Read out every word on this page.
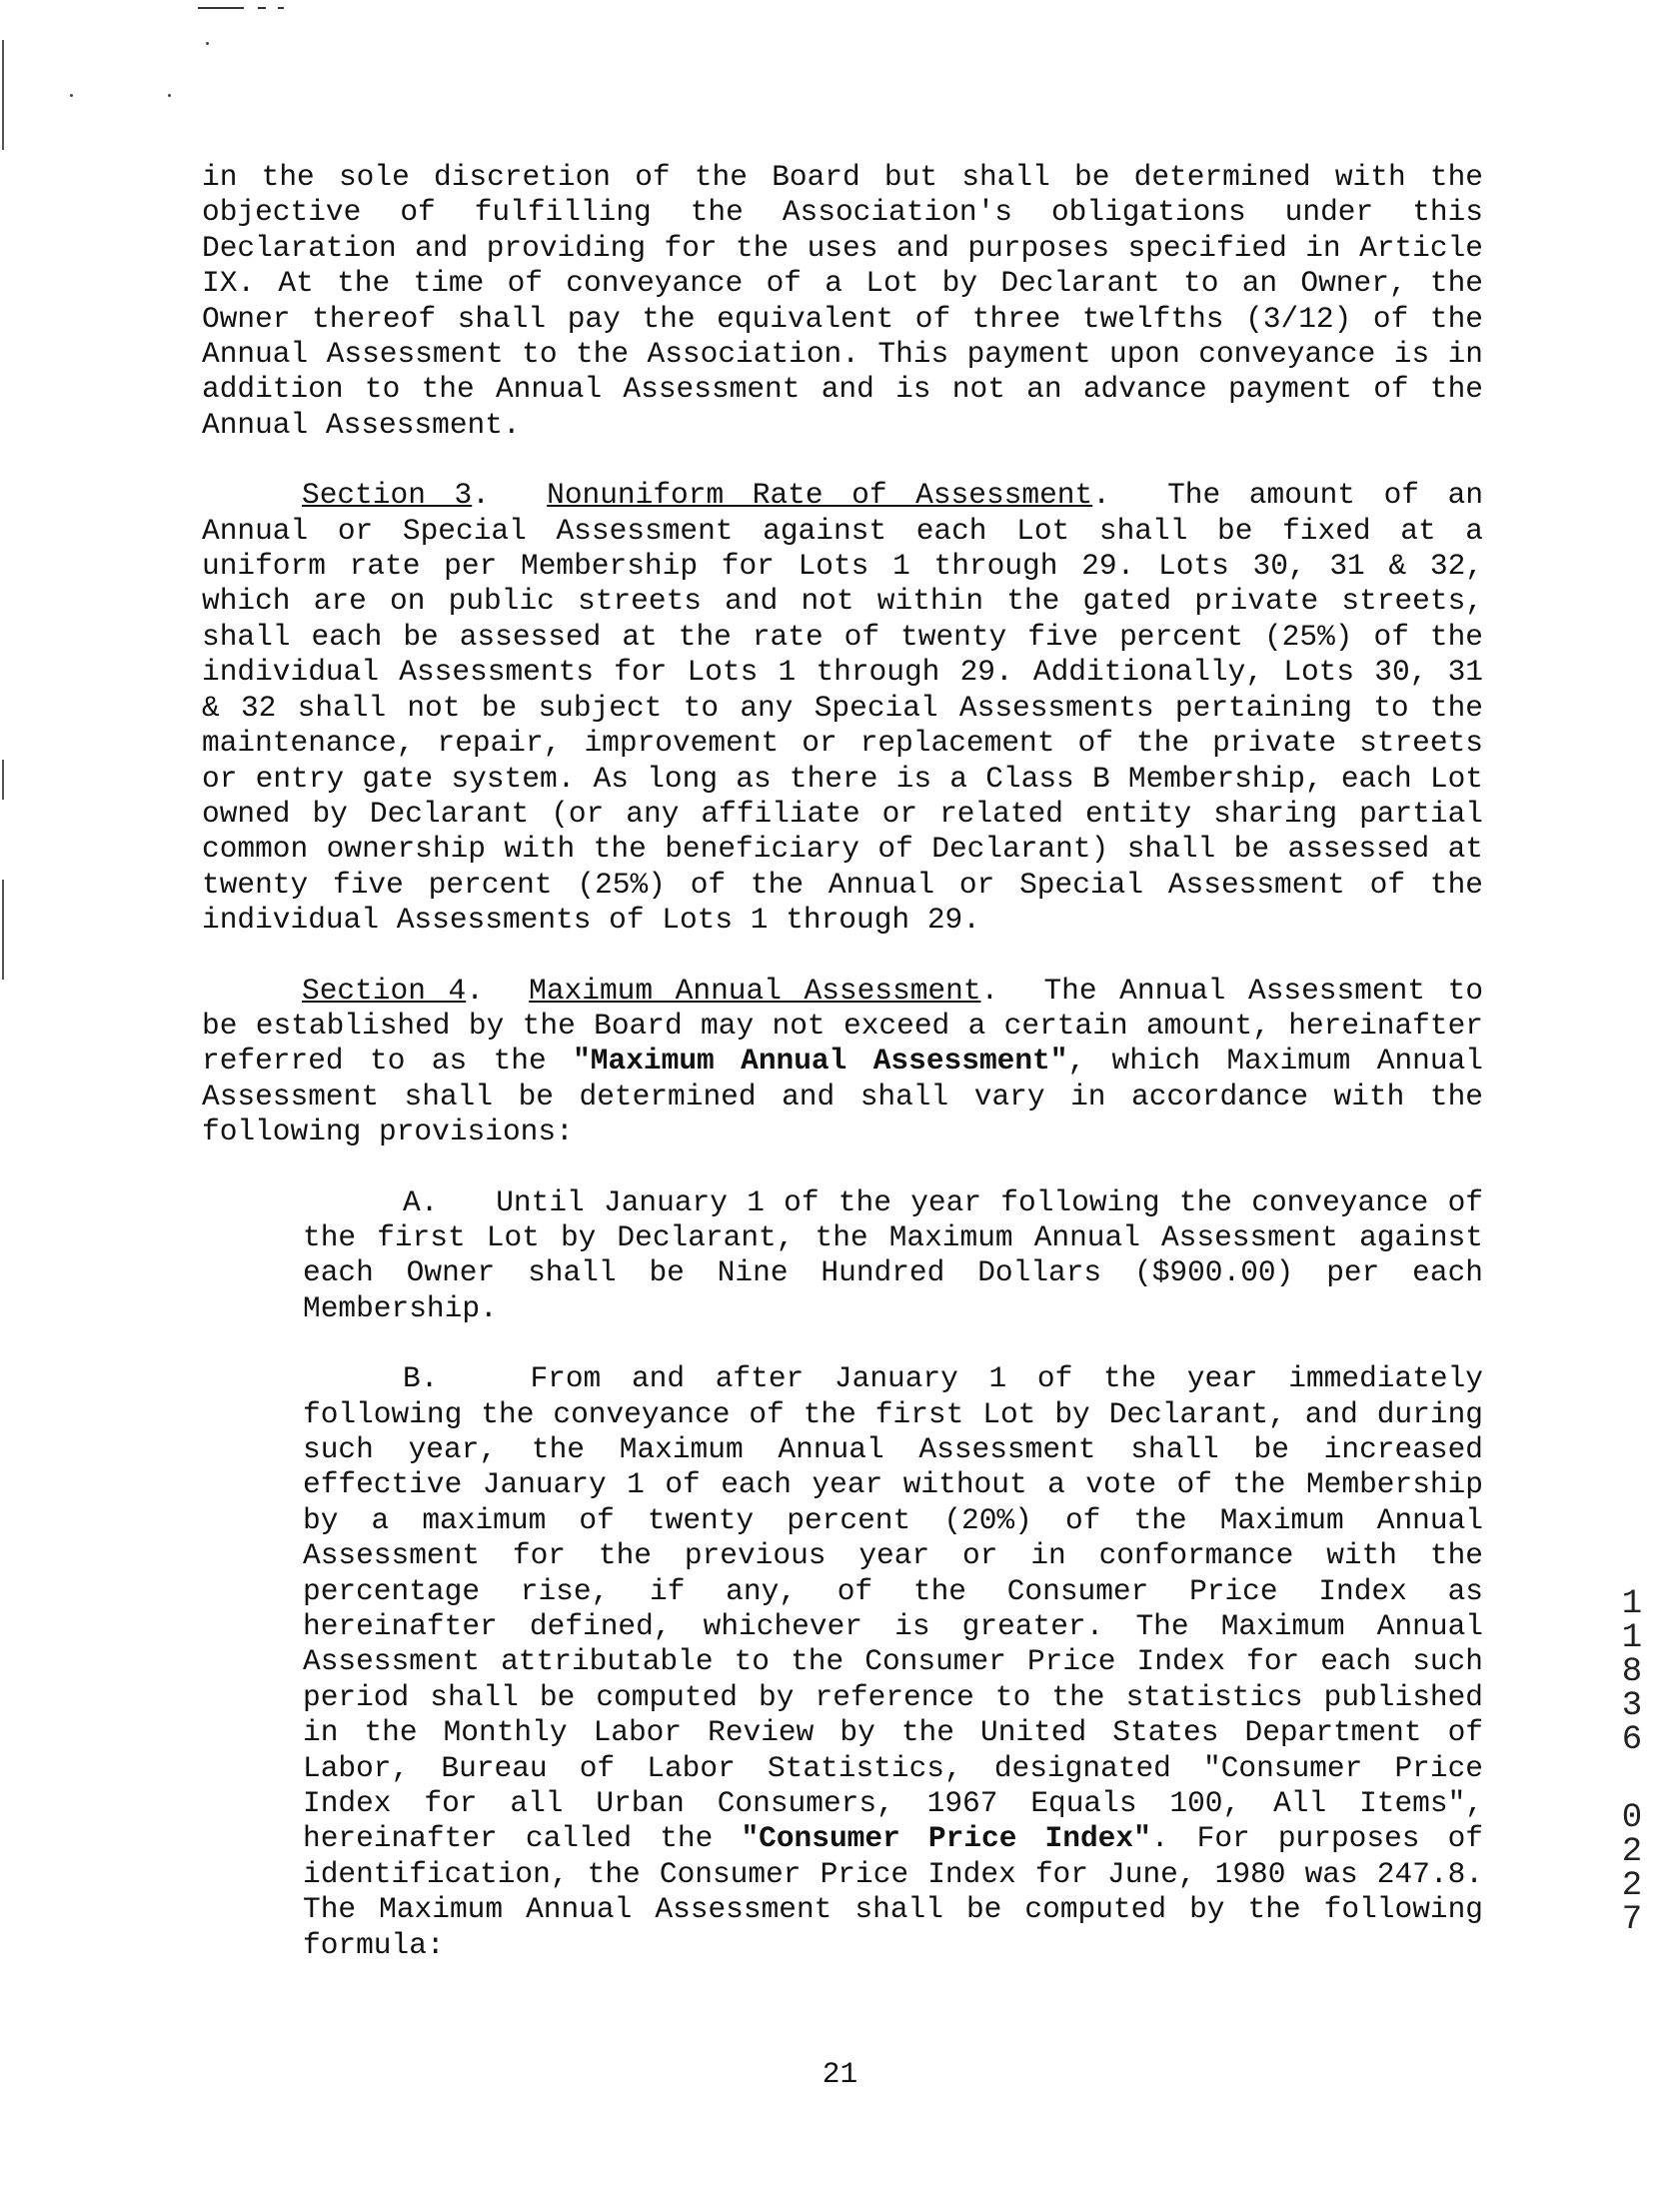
in the sole discretion of the Board but shall be determined with the objective of fulfilling the Association's obligations under this Declaration and providing for the uses and purposes specified in Article IX. At the time of conveyance of a Lot by Declarant to an Owner, the Owner thereof shall pay the equivalent of three twelfths (3/12) of the Annual Assessment to the Association. This payment upon conveyance is in addition to the Annual Assessment and is not an advance payment of the Annual Assessment.

Section 3.  Nonuniform Rate of Assessment.  The amount of an Annual or Special Assessment against each Lot shall be fixed at a uniform rate per Membership for Lots 1 through 29. Lots 30, 31 & 32, which are on public streets and not within the gated private streets, shall each be assessed at the rate of twenty five percent (25%) of the individual Assessments for Lots 1 through 29. Additionally, Lots 30, 31 & 32 shall not be subject to any Special Assessments pertaining to the maintenance, repair, improvement or replacement of the private streets or entry gate system. As long as there is a Class B Membership, each Lot owned by Declarant (or any affiliate or related entity sharing partial common ownership with the beneficiary of Declarant) shall be assessed at twenty five percent (25%) of the Annual or Special Assessment of the individual Assessments of Lots 1 through 29.

Section 4.  Maximum Annual Assessment.  The Annual Assessment to be established by the Board may not exceed a certain amount, hereinafter referred to as the "Maximum Annual Assessment", which Maximum Annual Assessment shall be determined and shall vary in accordance with the following provisions:

A. Until January 1 of the year following the conveyance of the first Lot by Declarant, the Maximum Annual Assessment against each Owner shall be Nine Hundred Dollars ($900.00) per each Membership.

B.	From and after January 1 of the year immediately following the conveyance of the first Lot by Declarant, and during such year, the Maximum Annual Assessment shall be increased effective January 1 of each year without a vote of the Membership by a maximum of twenty percent (20%) of the Maximum Annual Assessment for the previous year or in conformance with the percentage rise, if any, of the Consumer Price Index as hereinafter defined, whichever is greater. The Maximum Annual Assessment attributable to the Consumer Price Index for each such period shall be computed by reference to the statistics published in the Monthly Labor Review by the United States Department of Labor, Bureau of Labor Statistics, designated "Consumer Price Index for all Urban Consumers, 1967 Equals 100, All Items", hereinafter called the "Consumer Price Index". For purposes of identification, the Consumer Price Index for June, 1980 was 247.8. The Maximum Annual Assessment shall be computed by the following formula:

21
1
1
8
3
6
0
2
2
7
